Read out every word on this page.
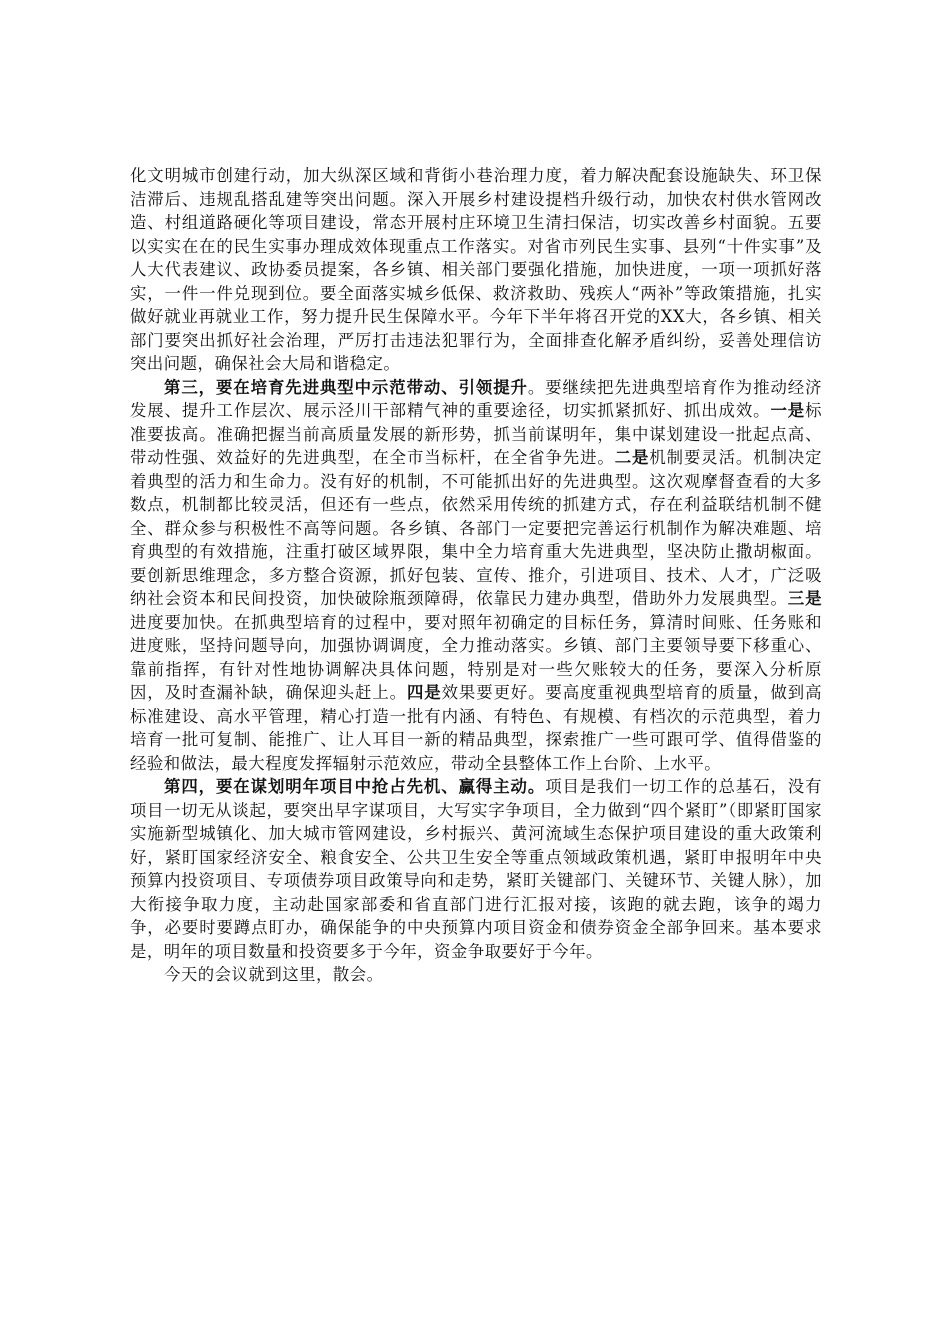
化文明城市创建行动，加大纵深区域和背街小巷治理力度，着力解决配套设施缺失、环卫保洁滞后、违规乱搭乱建等突出问题。深入开展乡村建设提档升级行动，加快农村供水管网改造、村组道路硬化等项目建设，常态开展村庄环境卫生清扫保洁，切实改善乡村面貌。五要以实实在在的民生实事办理成效体现重点工作落实。对省市列民生实事、县列“十件实事”及人大代表建议、政协委员提案，各乡镇、相关部门要强化措施，加快进度，一项一项抓好落实，一件一件兑现到位。要全面落实城乡低保、救济救助、残疾人“两补”等政策措施，扎实做好就业再就业工作，努力提升民生保障水平。今年下半年将召开党的XX大，各乡镇、相关部门要突出抓好社会治理，严厉打击违法犯罪行为，全面排查化解矛盾纠纷，妥善处理信访突出问题，确保社会大局和谐稳定。

第三，要在培育先进典型中示范带动、引领提升。要继续把先进典型培育作为推动经济发展、提升工作层次、展示泾川干部精气神的重要途径，切实抓紧抓好、抓出成效。一是标准要拔高。准确把握当前高质量发展的新形势，抓当前谋明年，集中谋划建设一批起点高、带动性强、效益好的先进典型，在全市当标杆，在全省争先进。二是机制要灵活。机制决定着典型的活力和生命力。没有好的机制，不可能抓出好的先进典型。这次观摩督查看的大多数点，机制都比较灵活，但还有一些点，依然采用传统的抓建方式，存在利益联结机制不健全、群众参与积极性不高等问题。各乡镇、各部门一定要把完善运行机制作为解决难题、培育典型的有效措施，注重打破区域界限，集中全力培育重大先进典型，坚决防止撒胡椒面。要创新思维理念，多方整合资源，抓好包装、宣传、推介，引进项目、技术、人才，广泛吸纳社会资本和民间投资，加快破除瓶颈障碍，依靠民力建办典型，借助外力发展典型。三是进度要加快。在抓典型培育的过程中，要对照年初确定的目标任务，算清时间账、任务账和进度账，坚持问题导向，加强协调调度，全力推动落实。乡镇、部门主要领导要下移重心、靠前指挥，有针对性地协调解决具体问题，特别是对一些欠账较大的任务，要深入分析原因，及时查漏补缺，确保迎头赶上。四是效果要更好。要高度重视典型培育的质量，做到高标准建设、高水平管理，精心打造一批有内涵、有特色、有规模、有档次的示范典型，着力培育一批可复制、能推广、让人耳目一新的精品典型，探索推广一些可跟可学、值得借鉴的经验和做法，最大程度发挥辐射示范效应，带动全县整体工作上台阶、上水平。

第四，要在谋划明年项目中抢占先机、赢得主动。项目是我们一切工作的总基石，没有项目一切无从谈起，要突出早字谋项目，大写实字争项目，全力做到“四个紧盯”（即紧盯国家实施新型城镇化、加大城市管网建设，乡村振兴、黄河流域生态保护项目建设的重大政策利好，紧盯国家经济安全、粮食安全、公共卫生安全等重点领域政策机遇，紧盯申报明年中央预算内投资项目、专项债券项目政策导向和走势，紧盯关键部门、关键环节、关键人脉），加大衔接争取力度，主动赴国家部委和省直部门进行汇报对接，该跑的就去跑，该争的竭力争，必要时要蹲点盯办，确保能争的中央预算内项目资金和债券资金全部争回来。基本要求是，明年的项目数量和投资要多于今年，资金争取要好于今年。

今天的会议就到这里，散会。
